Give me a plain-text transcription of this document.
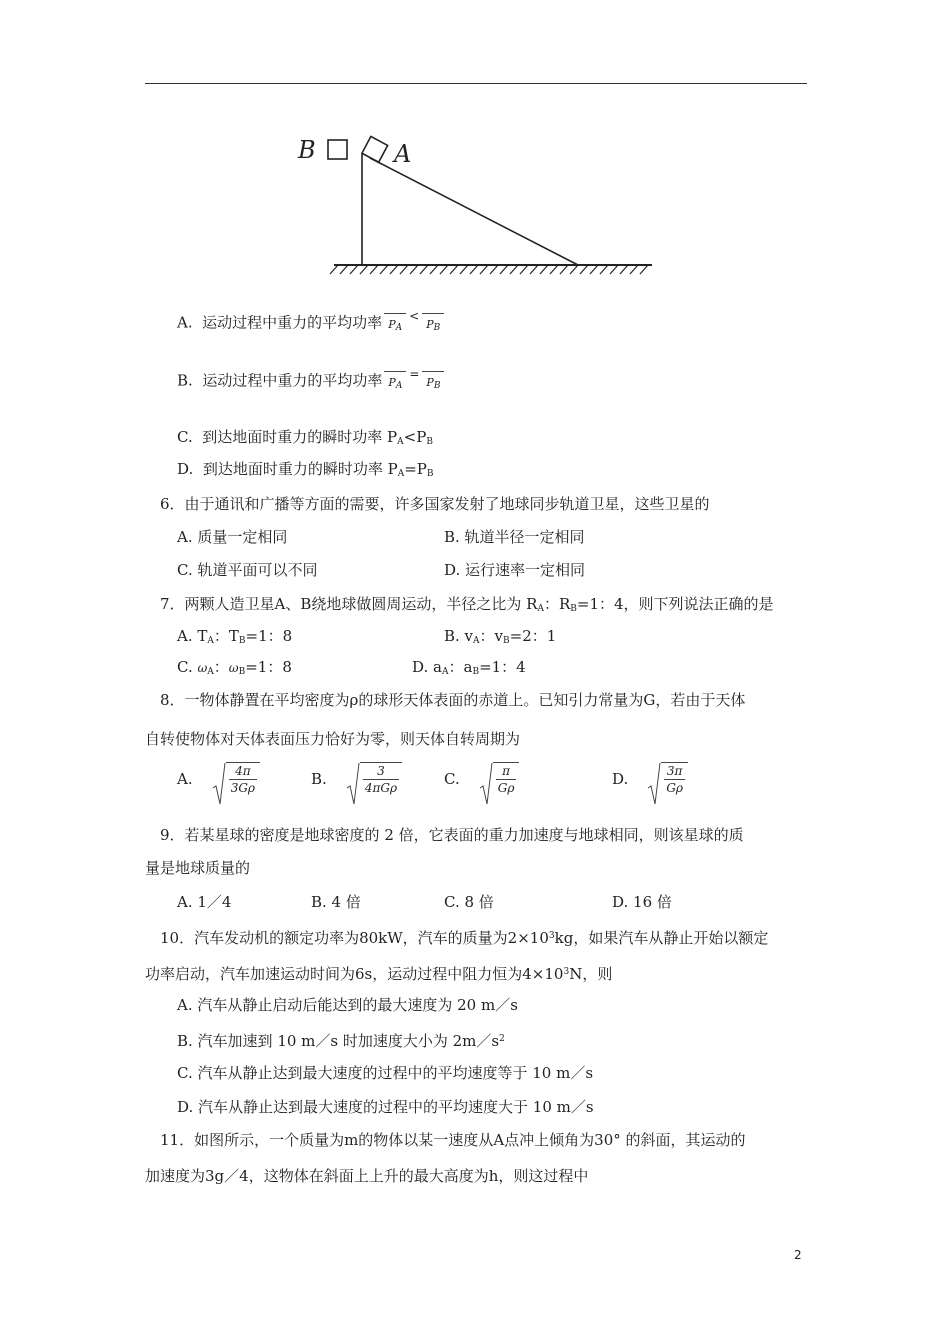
B	A
A. 运动过程中重力的平均功率 $P_A$
<
$P_B$
B. 运动过程中重力的平均功率 $P_A$
=
$P_B$
C. 到达地面时重力的瞬时功率 $P_A<P_B$
D. 到达地面时重力的瞬时功率 $P_A=P_B$
6．由于通讯和广播等方面的需要，许多国家发射了地球同步轨道卫星，这些卫星的
A. 质量一定相同	B. 轨道半径一定相同
C. 轨道平面可以不同	D. 运行速率一定相同
7．两颗人造卫星A、B绕地球做圆周运动，半径之比为 $R_A$：$R_B=1$：4，则下列说法正确的是
A. $T_A$：$T_B=1$：8	B. $v_A$：$v_B=2$：1
C. $\omega_A$：$\omega_B=1$：8	D. $a_A$：$a_B=1$：4
8．一物体静置在平均密度为ρ的球形天体表面的赤道上。已知引力常量为G，若由于天体
自转使物体对天体表面压力恰好为零，则天体自转周期为
A.	$\frac{4\pi}{3G\rho}$	B.	3
4πGρ	C.	$\frac{\pi}{G\rho}$	D.	$\frac{3\pi}{G\rho}$
9．若某星球的密度是地球密度的 2 倍，它表面的重力加速度与地球相同，则该星球的质
量是地球质量的
A. 1／4	B. 4 倍	C. 8 倍	D. 16 倍
10．汽车发动机的额定功率为80kW，汽车的质量为$2\times 10^3kg$，如果汽车从静止开始以额定
功率启动，汽车加速运动时间为6s，运动过程中阻力恒为$4\times 10^3N$，则
A. 汽车从静止启动后能达到的最大速度为 20 m／s
B. 汽车加速到 10 m／s 时加速度大小为 $2m/s^2$
C. 汽车从静止达到最大速度的过程中的平均速度等于 10 m／s
D. 汽车从静止达到最大速度的过程中的平均速度大于 10 m／s
11．如图所示，一个质量为m的物体以某一速度从A点冲上倾角为30° 的斜面，其运动的
加速度为3g／4，这物体在斜面上上升的最大高度为h，则这过程中
2
